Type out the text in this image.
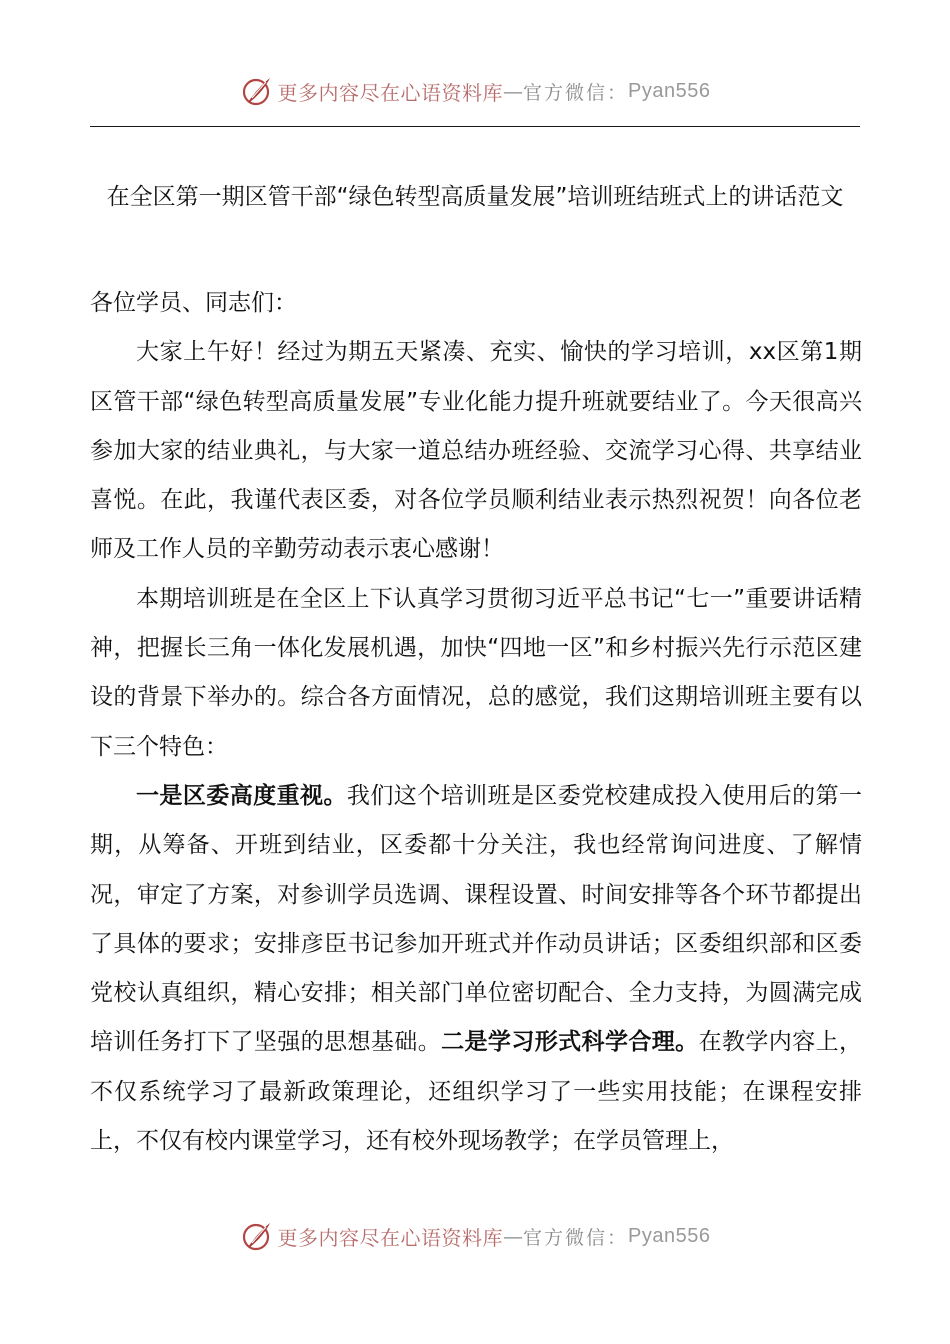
更多内容尽在心语资料库 — 官方微信： Pyan556
在全区第一期区管干部“绿色转型高质量发展”培训班结班式上的讲话范文

各位学员、同志们：

大家上午好！经过为期五天紧凑、充实、愉快的学习培训，xx区第1期区管干部“绿色转型高质量发展”专业化能力提升班就要结业了。今天很高兴参加大家的结业典礼，与大家一道总结办班经验、交流学习心得、共享结业喜悦。在此，我谨代表区委，对各位学员顺利结业表示热烈祝贺！向各位老师及工作人员的辛勤劳动表示衷心感谢！

本期培训班是在全区上下认真学习贯彻习近平总书记“七一”重要讲话精神，把握长三角一体化发展机遇，加快“四地一区”和乡村振兴先行示范区建设的背景下举办的。综合各方面情况，总的感觉，我们这期培训班主要有以下三个特色：

一是区委高度重视。我们这个培训班是区委党校建成投入使用后的第一期，从筹备、开班到结业，区委都十分关注，我也经常询问进度、了解情况，审定了方案，对参训学员选调、课程设置、时间安排等各个环节都提出了具体的要求；安排彦臣书记参加开班式并作动员讲话；区委组织部和区委党校认真组织，精心安排；相关部门单位密切配合、全力支持，为圆满完成培训任务打下了坚强的思想基础。二是学习形式科学合理。在教学内容上，不仅系统学习了最新政策理论，还组织学习了一些实用技能；在课程安排上，不仅有校内课堂学习，还有校外现场教学；在学员管理上，

更多内容尽在心语资料库 — 官方微信： Pyan556
